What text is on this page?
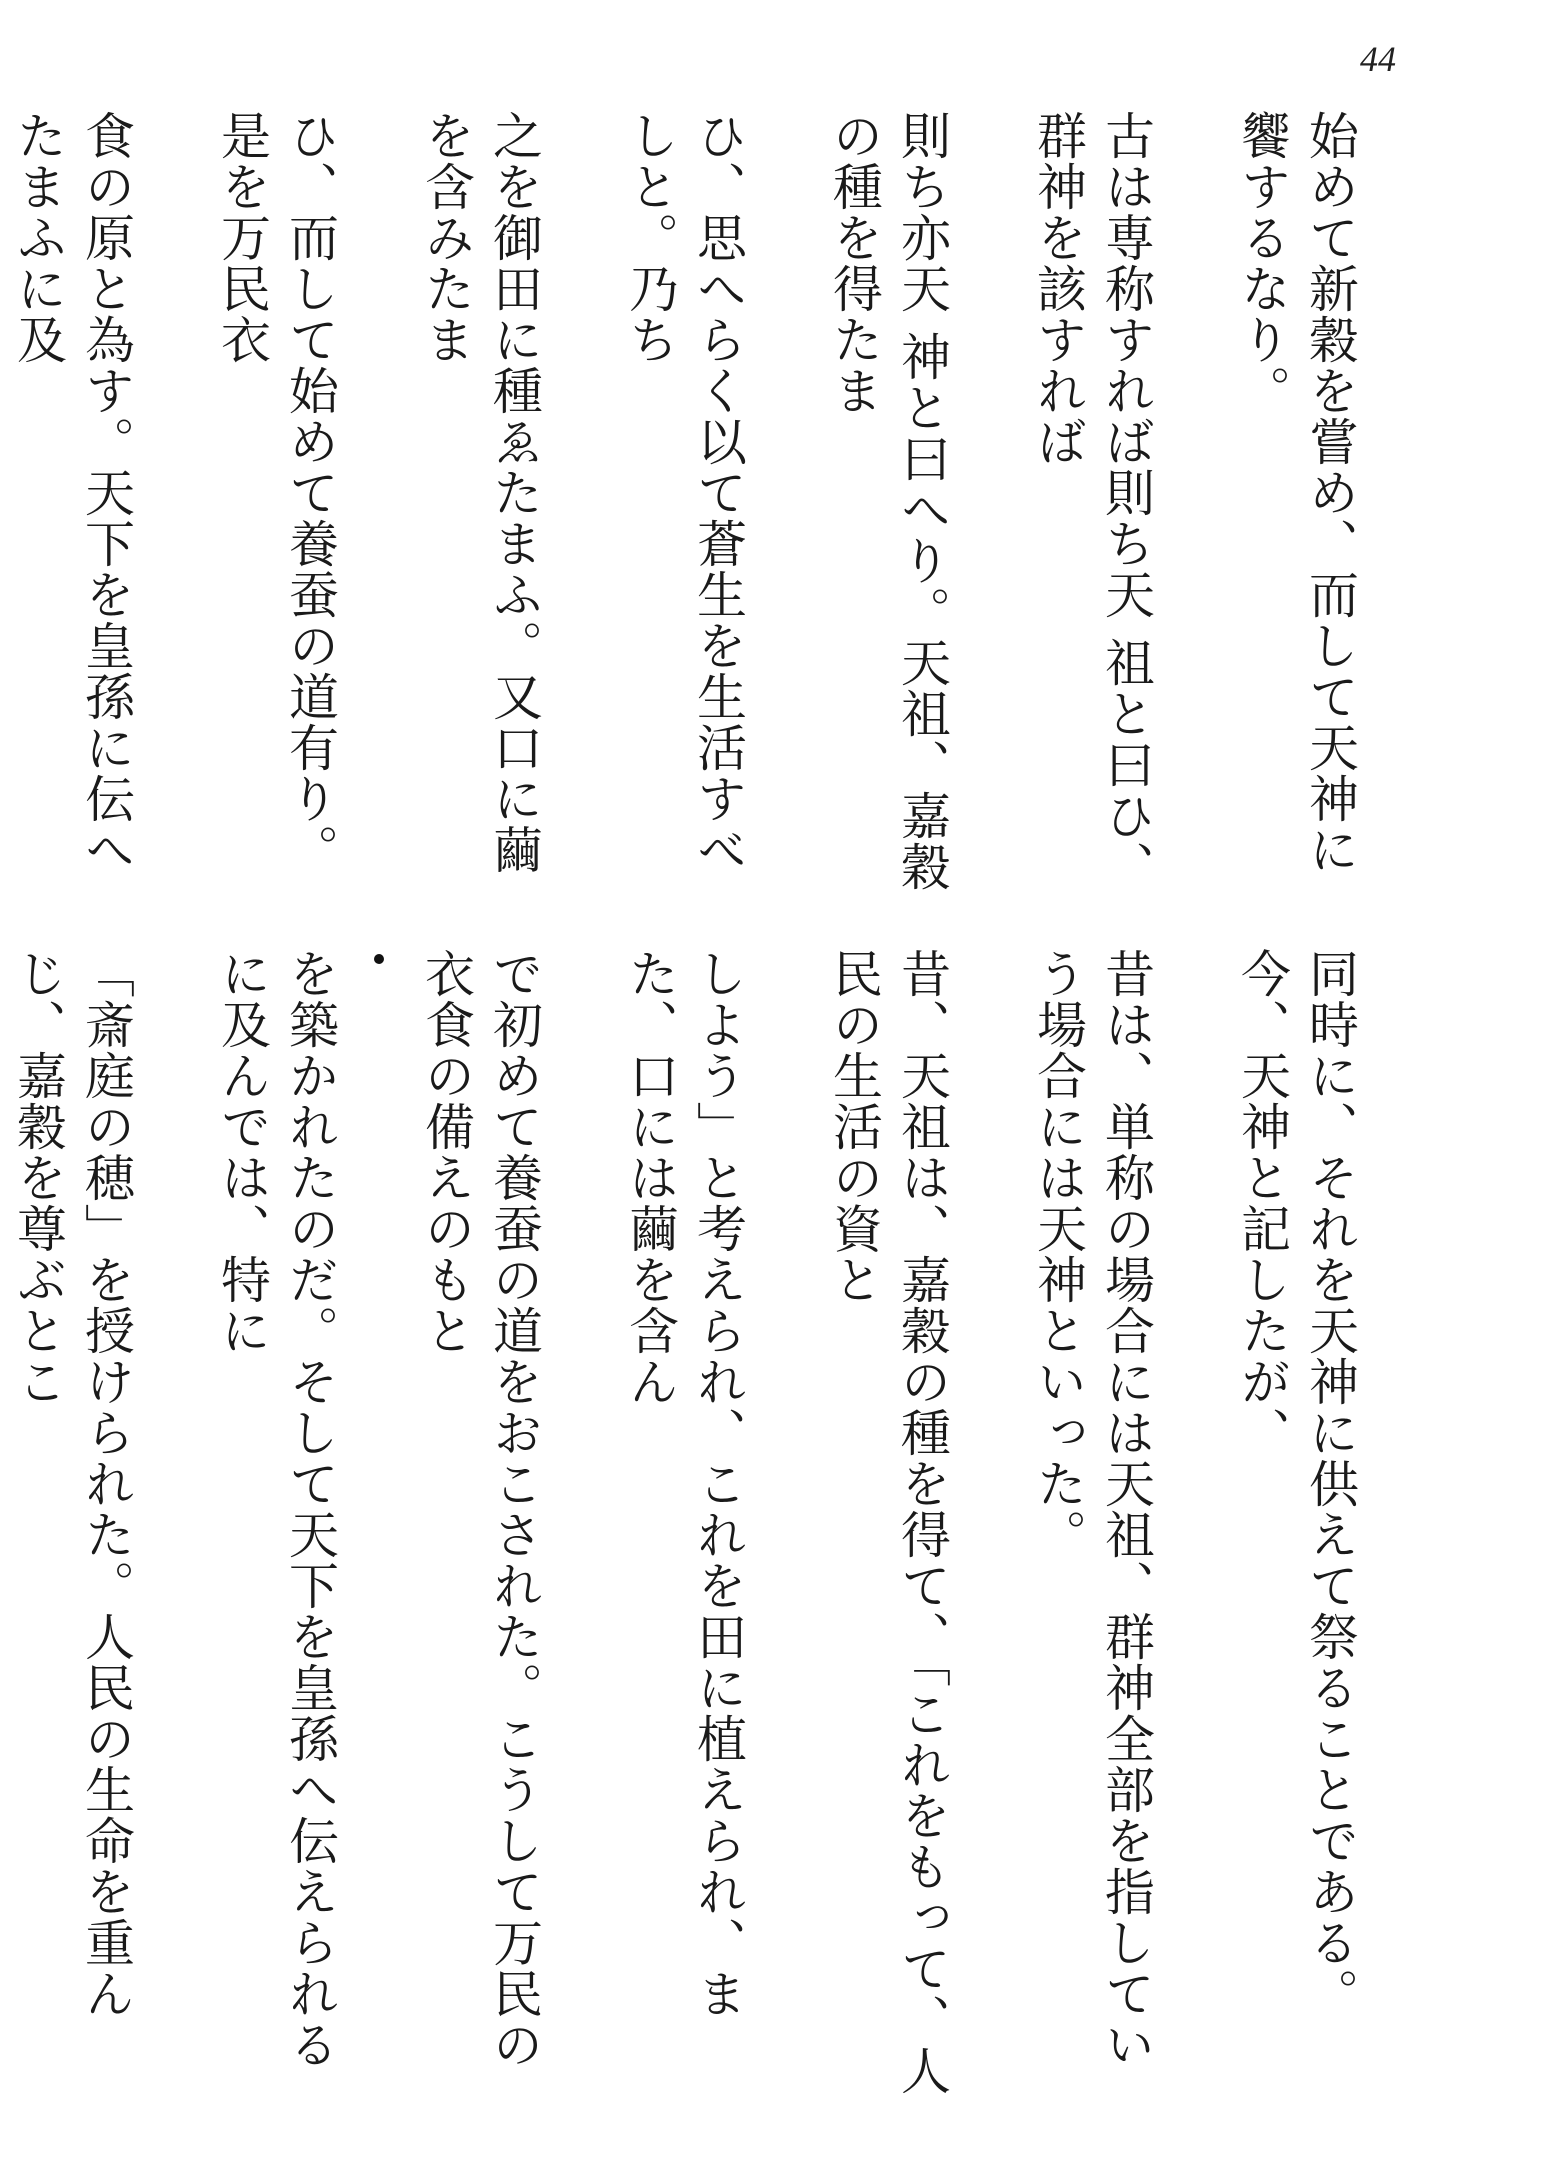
44

始めて新穀を嘗め、而して天神に饗するなり。

古は専称すれば則ち天 祖と曰ひ、群神を該すれば

則ち亦天 神と曰へり。天祖、嘉穀の種を得たま

ひ、思へらく以て蒼生を生活すべしと。乃ち

之を御田に種ゑたまふ。又口に繭を含みたま

ひ、而して始めて養蚕の道有り。是を万民衣

食の原と為す。天下を皇孫に伝へたまふに及

同時に、それを天神に供えて祭ることである。今、天神と記したが、

昔は、単称の場合には天祖、群神全部を指していう場合には天神といった。

昔、天祖は、嘉穀の種を得て、「これをもって、人民の生活の資と

しよう」と考えられ、これを田に植えられ、また、口には繭を含ん

で初めて養蚕の道をおこされた。こうして万民の衣食の備えのもと

を築かれたのだ。そして天下を皇孫へ伝えられるに及んでは、特に

「斎庭の穂」を授けられた。人民の生命を重んじ、嘉穀を尊ぶとこ
